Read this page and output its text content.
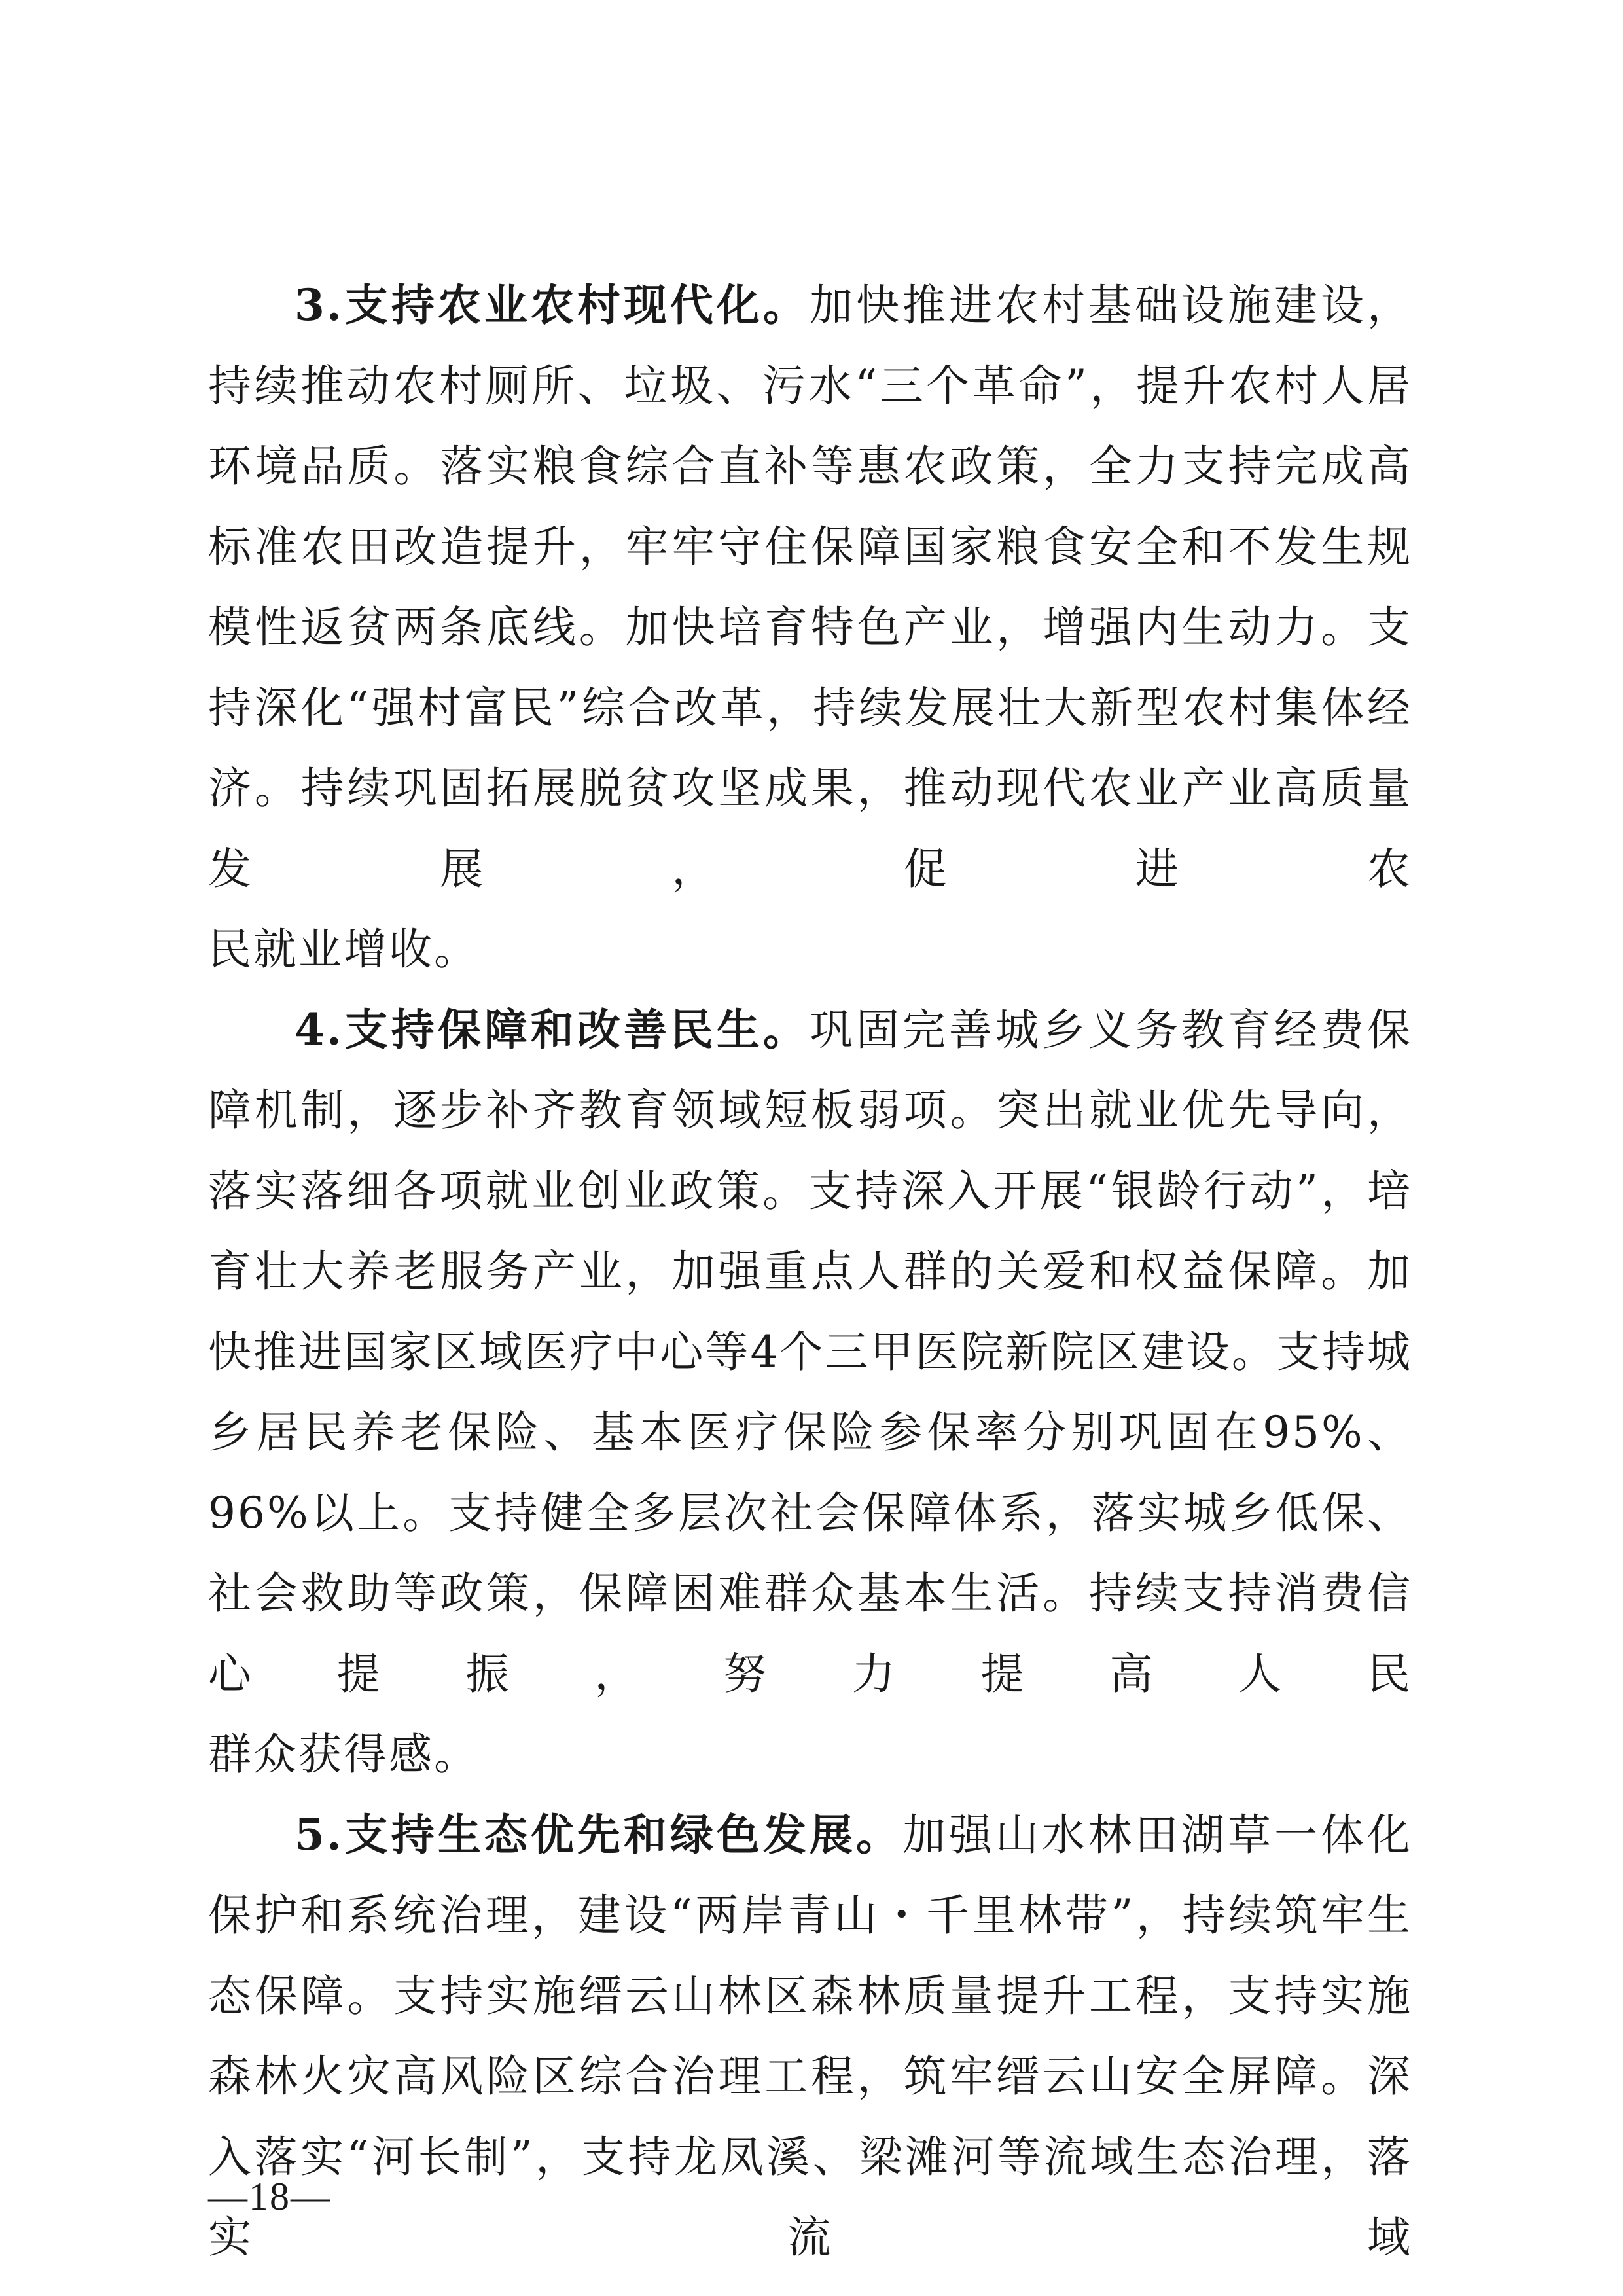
3.支持农业农村现代化。加快推进农村基础设施建设，持续推动农村厕所、垃圾、污水“三个革命”，提升农村人居环境品质。落实粮食综合直补等惠农政策，全力支持完成高标准农田改造提升，牢牢守住保障国家粮食安全和不发生规模性返贫两条底线。加快培育特色产业，增强内生动力。支持深化“强村富民”综合改革，持续发展壮大新型农村集体经济。持续巩固拓展脱贫攻坚成果，推动现代农业产业高质量发展，促进农
民就业增收。

4.支持保障和改善民生。巩固完善城乡义务教育经费保障机制，逐步补齐教育领域短板弱项。突出就业优先导向，落实落细各项就业创业政策。支持深入开展“银龄行动”，培育壮大养老服务产业，加强重点人群的关爱和权益保障。加快推进国家区域医疗中心等4个三甲医院新院区建设。支持城乡居民养老保险、基本医疗保险参保率分别巩固在95%、96%以上。支持健全多层次社会保障体系，落实城乡低保、社会救助等政策，保障困难群众基本生活。持续支持消费信心提振，努力提高人民
群众获得感。

5.支持生态优先和绿色发展。加强山水林田湖草一体化保护和系统治理，建设“两岸青山・千里林带”，持续筑牢生态保障。支持实施缙云山林区森林质量提升工程，支持实施森林火灾高风险区综合治理工程，筑牢缙云山安全屏障。深入落实“河长制”，支持龙凤溪、梁滩河等流域生态治理，落实流域

—18—
